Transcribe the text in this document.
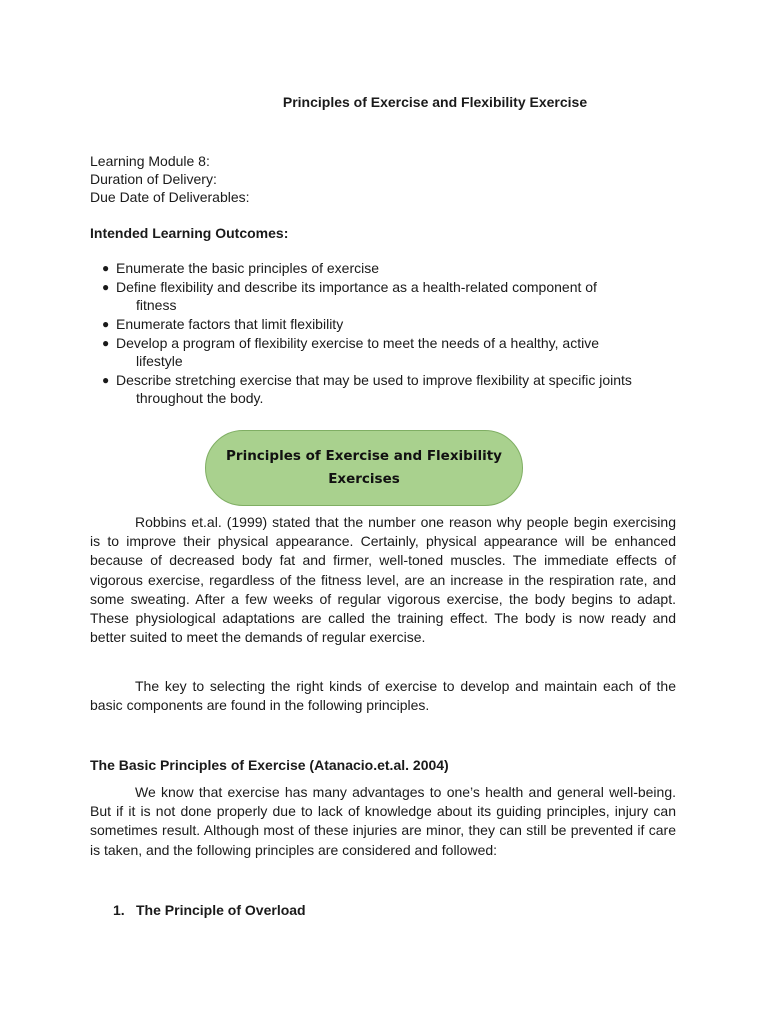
Principles of Exercise and Flexibility Exercise
Learning Module 8:
Duration of Delivery:
Due Date of Deliverables:
Intended Learning Outcomes:
● Enumerate the basic principles of exercise
● Define flexibility and describe its importance as a health-related component of
fitness
● Enumerate factors that limit flexibility
● Develop a program of flexibility exercise to meet the needs of a healthy, active
lifestyle
● Describe stretching exercise that may be used to improve flexibility at specific joints
throughout the body.
Principles of Exercise and Flexibility
Exercises

Robbins et.al. (1999) stated that the number one reason why people begin exercising is to improve their physical appearance. Certainly, physical appearance will be enhanced because of decreased body fat and firmer, well-toned muscles. The immediate effects of vigorous exercise, regardless of the fitness level, are an increase in the respiration rate, and some sweating. After a few weeks of regular vigorous exercise, the body begins to adapt. These physiological adaptations are called the training effect. The body is now ready and better suited to meet the demands of regular exercise.

The key to selecting the right kinds of exercise to develop and maintain each of the basic components are found in the following principles.

The Basic Principles of Exercise (Atanacio.et.al. 2004)

We know that exercise has many advantages to one’s health and general well-being. But if it is not done properly due to lack of knowledge about its guiding principles, injury can sometimes result. Although most of these injuries are minor, they can still be prevented if care is taken, and the following principles are considered and followed:

1. The Principle of Overload
